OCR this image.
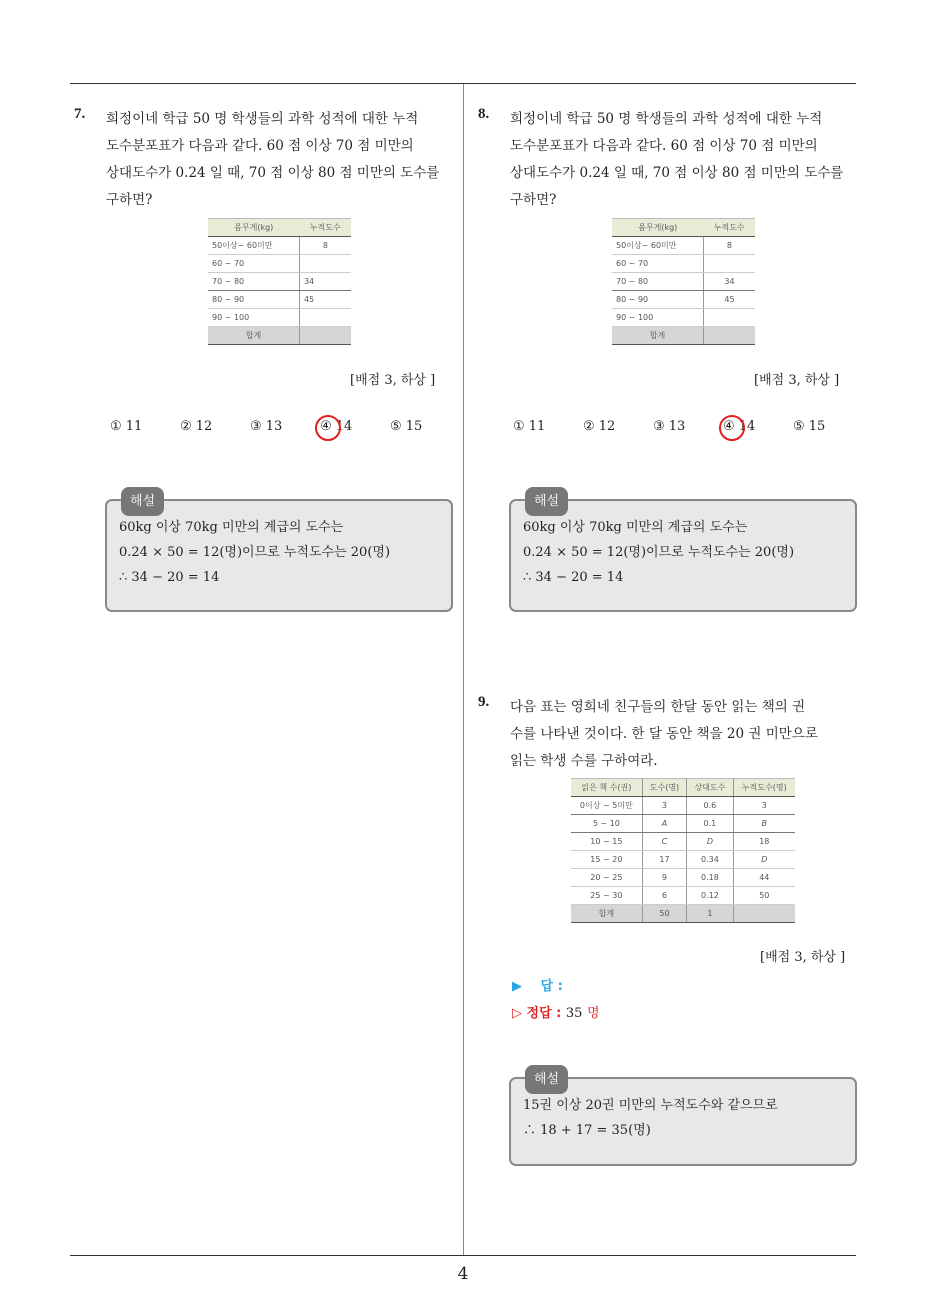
7. 희정이네 학급 50 명 학생들의 과학 성적에 대한 누적
도수분포표가 다음과 같다. 60 점 이상 70 점 미만의
상대도수가 0.24 일 때, 70 점 이상 80 점 미만의 도수를
구하면?
몸무게(kg)	누적도수
50이상~ 60미만	8
60 ~ 70	
70 ~ 80	34
80 ~ 90	45
90 ~ 100	
합계	
[배점 3, 하상 ]
① 11	② 12	③ 13	④ 14	⑤ 15
해설
60kg 이상 70kg 미만의 계급의 도수는
0.24 × 50 = 12(명)이므로 누적도수는 20(명)
∴ 34 − 20 = 14
8. 희정이네 학급 50 명 학생들의 과학 성적에 대한 누적
도수분포표가 다음과 같다. 60 점 이상 70 점 미만의
상대도수가 0.24 일 때, 70 점 이상 80 점 미만의 도수를
구하면?
몸무게(kg)	누적도수
50이상~ 60미만	8
60 ~ 70	
70 ~ 80	34
80 ~ 90	45
90 ~ 100	
합계	
[배점 3, 하상 ]
① 11	② 12	③ 13	④ 14	⑤ 15
해설
60kg 이상 70kg 미만의 계급의 도수는
0.24 × 50 = 12(명)이므로 누적도수는 20(명)
∴ 34 − 20 = 14
9. 다음 표는 영희네 친구들의 한달 동안 읽는 책의 권
수를 나타낸 것이다. 한 달 동안 책을 20 권 미만으로
읽는 학생 수를 구하여라.
읽은 책 수(권)	도수(명)	상대도수	누적도수(명)
0이상 ~ 5미만	3	0.6	3
5 ~ 10	A	0.1	B
10 ~ 15	C	D	18
15 ~ 20	17	0.34	D
20 ~ 25	9	0.18	44
25 ~ 30	6	0.12	50
합계	50	1	
[배점 3, 하상 ]
▶ 답 :
▷ 정답 : 35 명
해설
15권 이상 20권 미만의 누적도수와 같으므로
∴ 18 + 17 = 35(명)
4
